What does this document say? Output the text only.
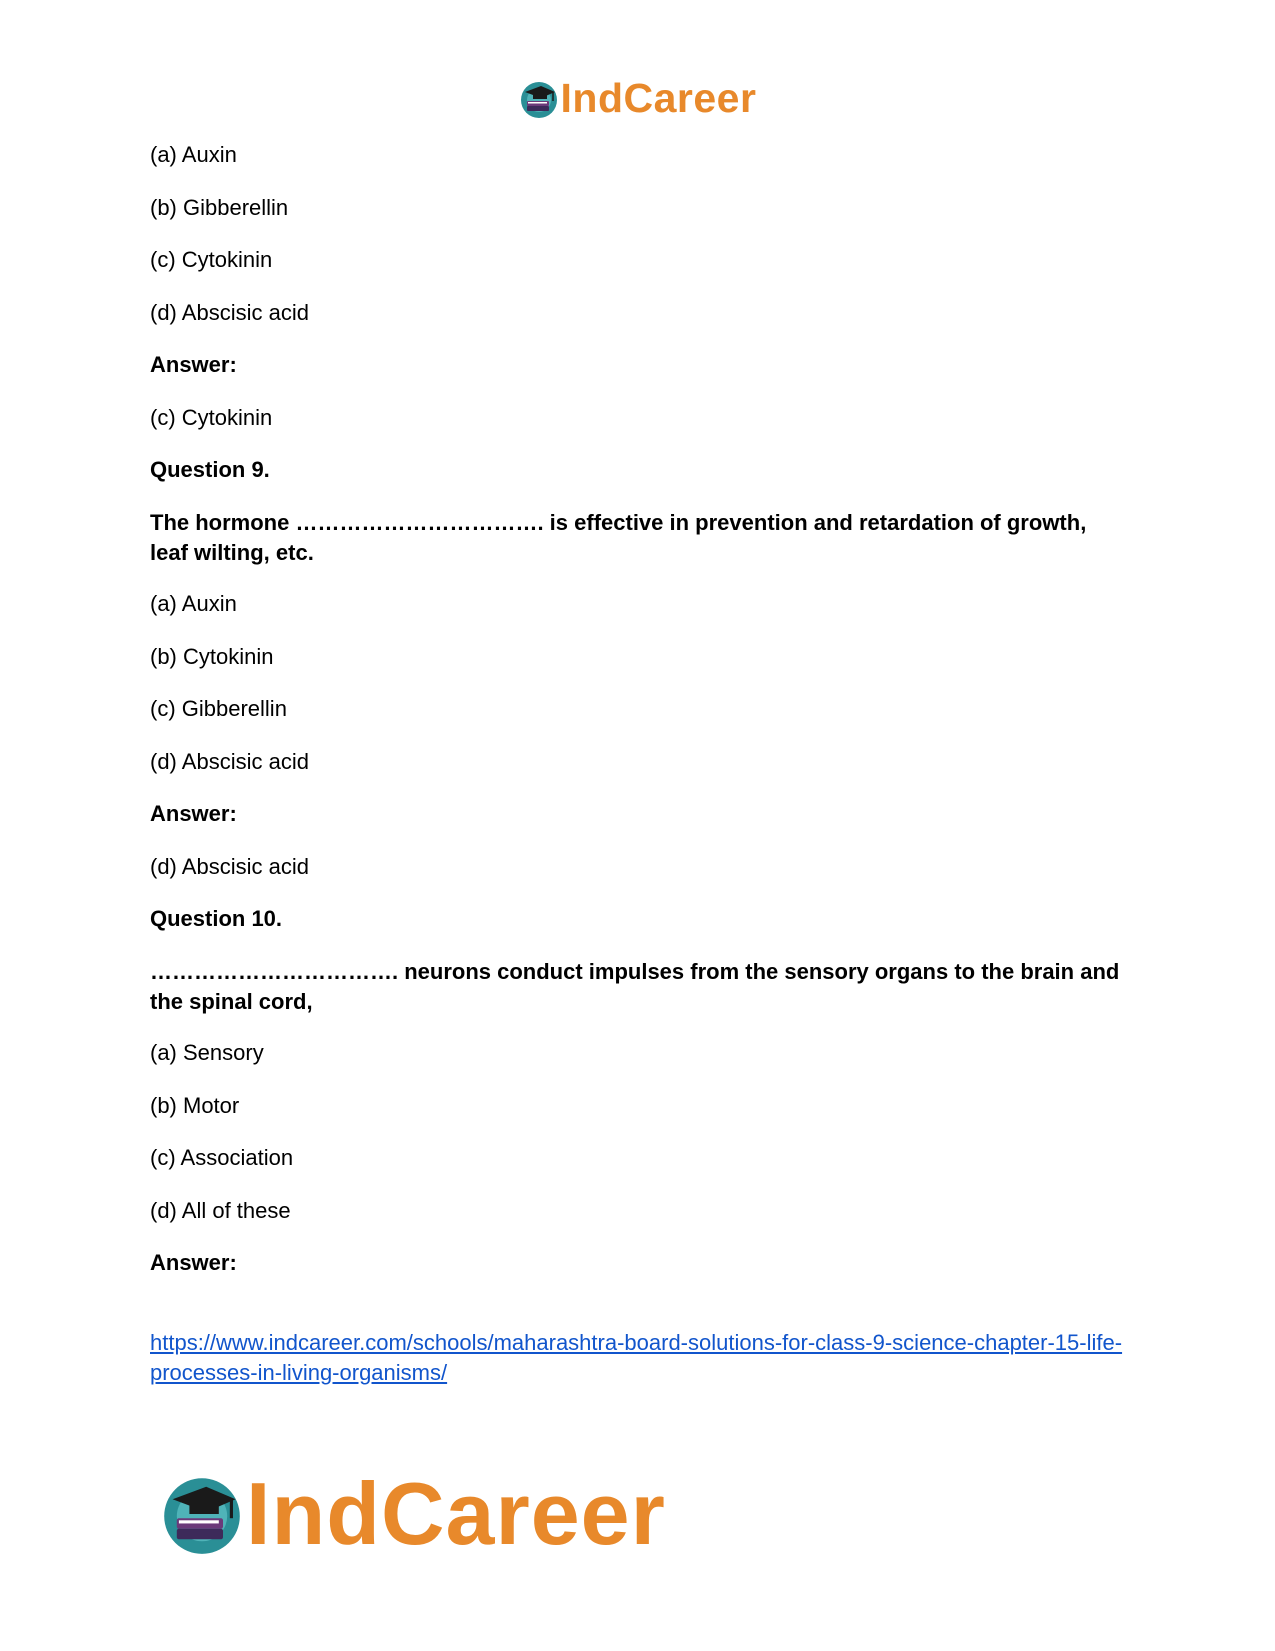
IndCareer
(a) Auxin
(b) Gibberellin
(c) Cytokinin
(d) Abscisic acid
Answer:
(c) Cytokinin
Question 9.
The hormone ……………………………. is effective in prevention and retardation of growth, leaf wilting, etc.
(a) Auxin
(b) Cytokinin
(c) Gibberellin
(d) Abscisic acid
Answer:
(d) Abscisic acid
Question 10.
……………………………. neurons conduct impulses from the sensory organs to the brain and the spinal cord,
(a) Sensory
(b) Motor
(c) Association
(d) All of these
Answer:
https://www.indcareer.com/schools/maharashtra-board-solutions-for-class-9-science-chapter-15-life-processes-in-living-organisms/
IndCareer
